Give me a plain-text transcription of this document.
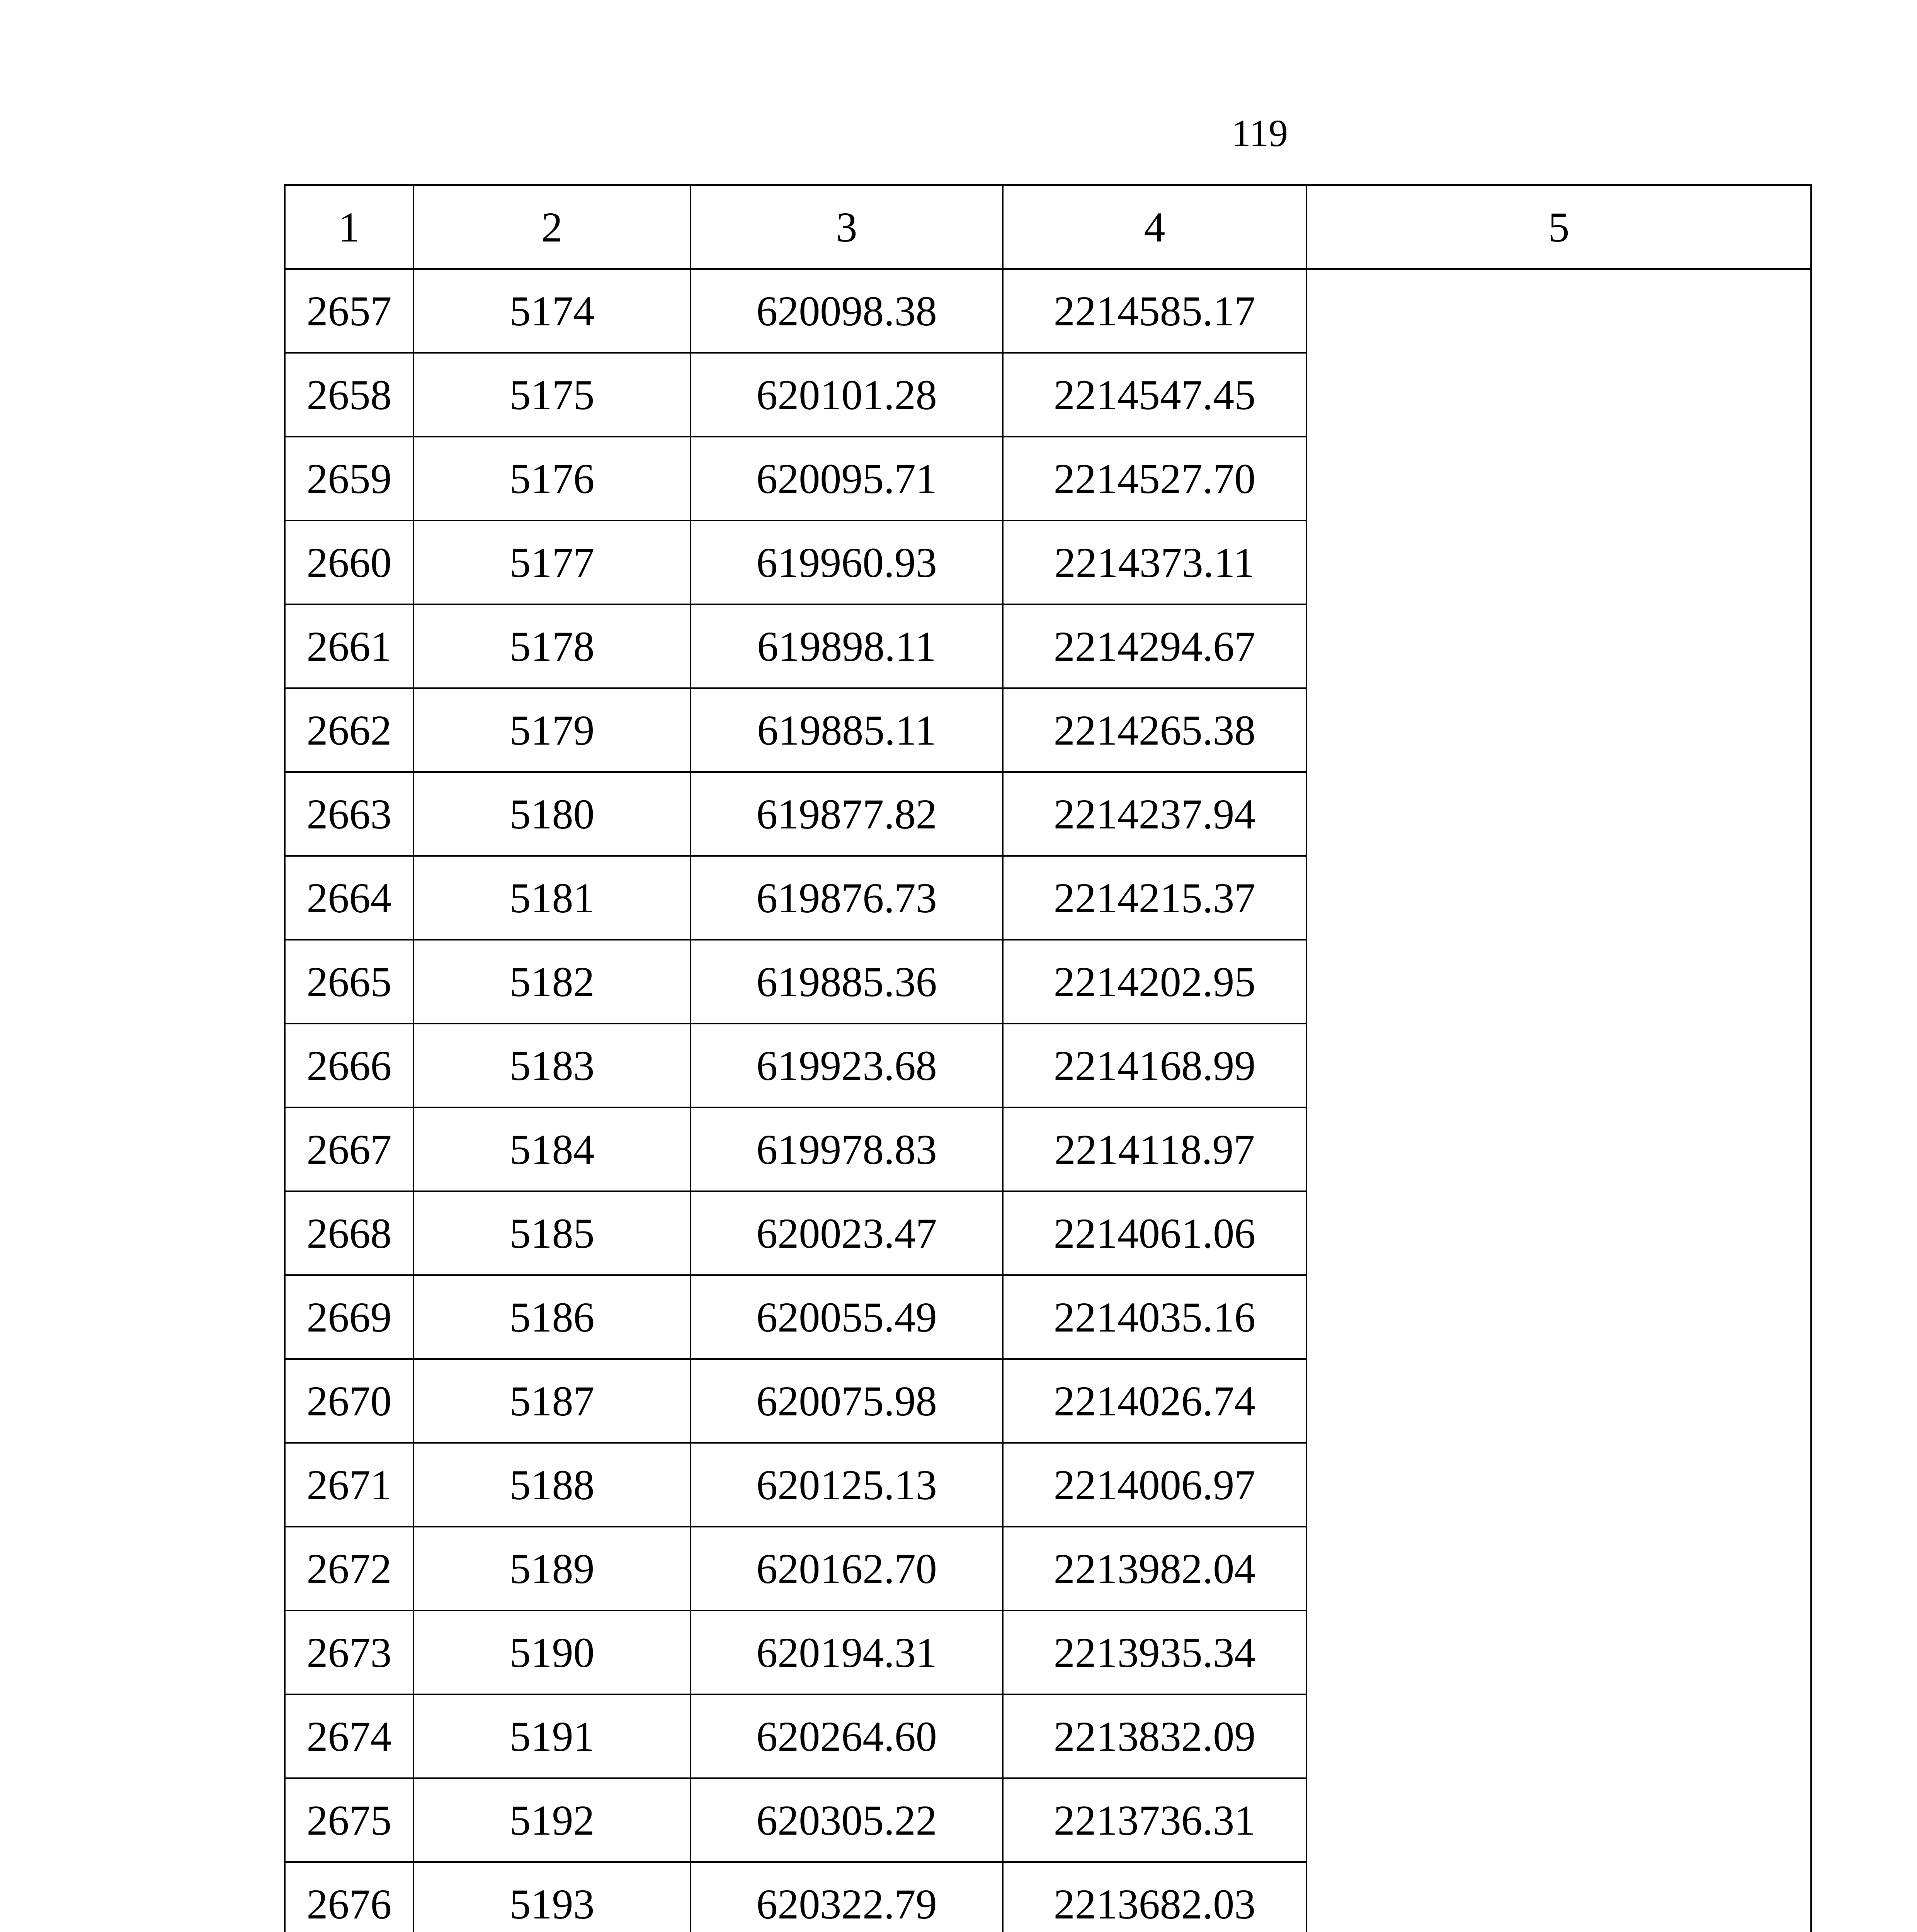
119
1	2	3	4	5
2657	5174	620098.38	2214585.17	
2658	5175	620101.28	2214547.45	
2659	5176	620095.71	2214527.70	
2660	5177	619960.93	2214373.11	
2661	5178	619898.11	2214294.67	
2662	5179	619885.11	2214265.38	
2663	5180	619877.82	2214237.94	
2664	5181	619876.73	2214215.37	
2665	5182	619885.36	2214202.95	
2666	5183	619923.68	2214168.99	
2667	5184	619978.83	2214118.97	
2668	5185	620023.47	2214061.06	
2669	5186	620055.49	2214035.16	
2670	5187	620075.98	2214026.74	
2671	5188	620125.13	2214006.97	
2672	5189	620162.70	2213982.04	
2673	5190	620194.31	2213935.34	
2674	5191	620264.60	2213832.09	
2675	5192	620305.22	2213736.31	
2676	5193	620322.79	2213682.03	
